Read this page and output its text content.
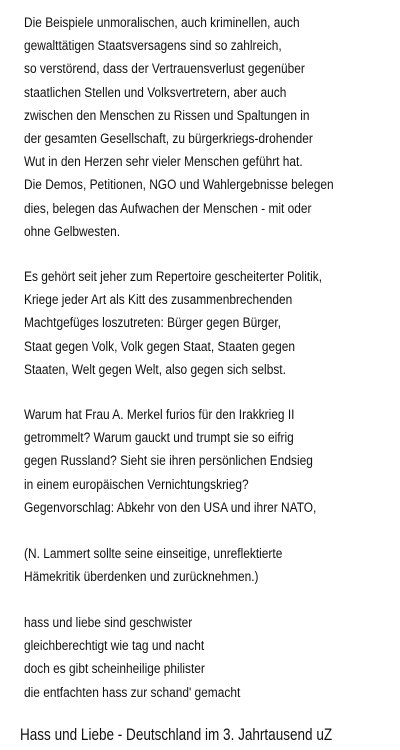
Die Beispiele unmoralischen, auch kriminellen, auch
gewalttätigen Staatsversagens sind so zahlreich,
so verstörend, dass der Vertrauensverlust gegenüber
staatlichen Stellen und Volksvertretern, aber auch
zwischen den Menschen zu Rissen und Spaltungen in
der gesamten Gesellschaft, zu bürgerkriegs-drohender
Wut in den Herzen sehr vieler Menschen geführt hat.
Die Demos, Petitionen, NGO und Wahlergebnisse belegen
dies, belegen das Aufwachen der Menschen - mit oder
ohne Gelbwesten.
Es gehört seit jeher zum Repertoire gescheiterter Politik,
Kriege jeder Art als Kitt des zusammenbrechenden
Machtgefüges loszutreten: Bürger gegen Bürger,
Staat gegen Volk, Volk gegen Staat, Staaten gegen
Staaten, Welt gegen Welt, also gegen sich selbst.
Warum hat Frau A. Merkel furios für den Irakkrieg II
getrommelt? Warum gauckt und trumpt sie so eifrig
gegen Russland? Sieht sie ihren persönlichen Endsieg
in einem europäischen Vernichtungskrieg?
Gegenvorschlag: Abkehr von den USA und ihrer NATO,
(N. Lammert sollte seine einseitige, unreflektierte
Hämekritik überdenken und zurücknehmen.)
hass und liebe sind geschwister
gleichberechtigt wie tag und nacht
doch es gibt scheinheilige philister
die entfachten hass zur schand' gemacht
Hass und Liebe - Deutschland im 3. Jahrtausend uZ
